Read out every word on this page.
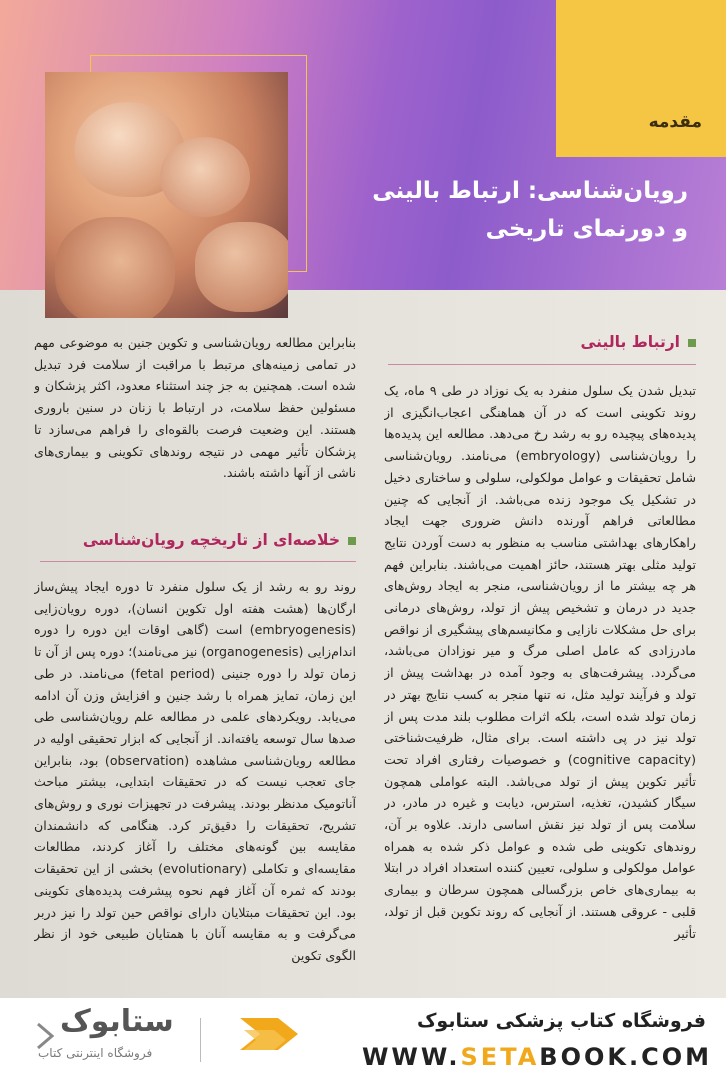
مقدمه
رویان‌شناسی: ارتباط بالینی
و دورنمای تاریخی
ارتباط بالینی
تبدیل شدن یک سلول منفرد به یک نوزاد در طی ۹ ماه، یک روند تکوینی است که در آن هماهنگی اعجاب‌انگیزی از پدیده‌های پیچیده رو به رشد رخ می‌دهد. مطالعه این پدیده‌ها را رویان‌شناسی (embryology) می‌نامند. رویان‌شناسی شامل تحقیقات و عوامل مولکولی، سلولی و ساختاری دخیل در تشکیل یک موجود زنده می‌باشد. از آنجایی که چنین مطالعاتی فراهم آورنده دانش ضروری جهت ایجاد راهکارهای بهداشتی مناسب به منظور به دست آوردن نتایج تولید مثلی بهتر هستند، حائز اهمیت می‌باشند. بنابراین فهم هر چه بیشتر ما از رویان‌شناسی، منجر به ایجاد روش‌های جدید در درمان و تشخیص پیش از تولد، روش‌های درمانی برای حل مشکلات نازایی و مکانیسم‌های پیشگیری از نواقص مادرزادی که عامل اصلی مرگ و میر نوزادان می‌باشد، می‌گردد. پیشرفت‌های به وجود آمده در بهداشت پیش از تولد و فرآیند تولید مثل، نه تنها منجر به کسب نتایج بهتر در زمان تولد شده است، بلکه اثرات مطلوب بلند مدت پس از تولد نیز در پی داشته است. برای مثال، ظرفیت‌شناختی (cognitive capacity) و خصوصیات رفتاری افراد تحت تأثیر تکوین پیش از تولد می‌باشد. البته عواملی همچون سیگار کشیدن، تغذیه، استرس، دیابت و غیره در مادر، در سلامت پس از تولد نیز نقش اساسی دارند. علاوه بر آن، روندهای تکوینی طی شده و عوامل ذکر شده به همراه عوامل مولکولی و سلولی، تعیین کننده استعداد افراد در ابتلا به بیماری‌های خاص بزرگسالی همچون سرطان و بیماری قلبی - عروقی هستند. از آنجایی که روند تکوین قبل از تولد، تأثیر
بنابراین مطالعه رویان‌شناسی و تکوین جنین به موضوعی مهم در تمامی زمینه‌های مرتبط با مراقبت از سلامت فرد تبدیل شده است. همچنین به جز چند استثناء معدود، اکثر پزشکان و مسئولین حفظ سلامت، در ارتباط با زنان در سنین باروری هستند. این وضعیت فرصت بالقوه‌ای را فراهم می‌سازد تا پزشکان تأثیر مهمی در نتیجه روندهای تکوینی و بیماری‌های ناشی از آنها داشته باشند.
خلاصه‌ای از تاریخچه رویان‌شناسی
روند رو به رشد از یک سلول منفرد تا دوره ایجاد پیش‌ساز ارگان‌ها (هشت هفته اول تکوین انسان)، دوره رویان‌زایی (embryogenesis) است (گاهی اوقات این دوره را دوره اندام‌زایی (organogenesis) نیز می‌نامند)؛ دوره پس از آن تا زمان تولد را دوره جنینی (fetal period) می‌نامند. در طی این زمان، تمایز همراه با رشد جنین و افزایش وزن آن ادامه می‌یابد. رویکردهای علمی در مطالعه علم رویان‌شناسی طی صدها سال توسعه یافته‌اند. از آنجایی که ابزار تحقیقی اولیه در مطالعه رویان‌شناسی مشاهده (observation) بود، بنابراین جای تعجب نیست که در تحقیقات ابتدایی، بیشتر مباحث آناتومیک مدنظر بودند. پیشرفت در تجهیزات نوری و روش‌های تشریح، تحقیقات را دقیق‌تر کرد. هنگامی که دانشمندان مقایسه بین گونه‌های مختلف را آغاز کردند، مطالعات مقایسه‌ای و تکاملی (evolutionary) بخشی از این تحقیقات بودند که ثمره آن آغاز فهم نحوه پیشرفت پدیده‌های تکوینی بود. این تحقیقات مبتلایان دارای نواقص حین تولد را نیز دربر می‌گرفت و به مقایسه آنان با همتایان طبیعی خود از نظر الگوی تکوین
فروشگاه کتاب پزشکی ستابوک
WWW.SETABOOK.COM
ستابوک
فروشگاه اینترنتی کتاب
